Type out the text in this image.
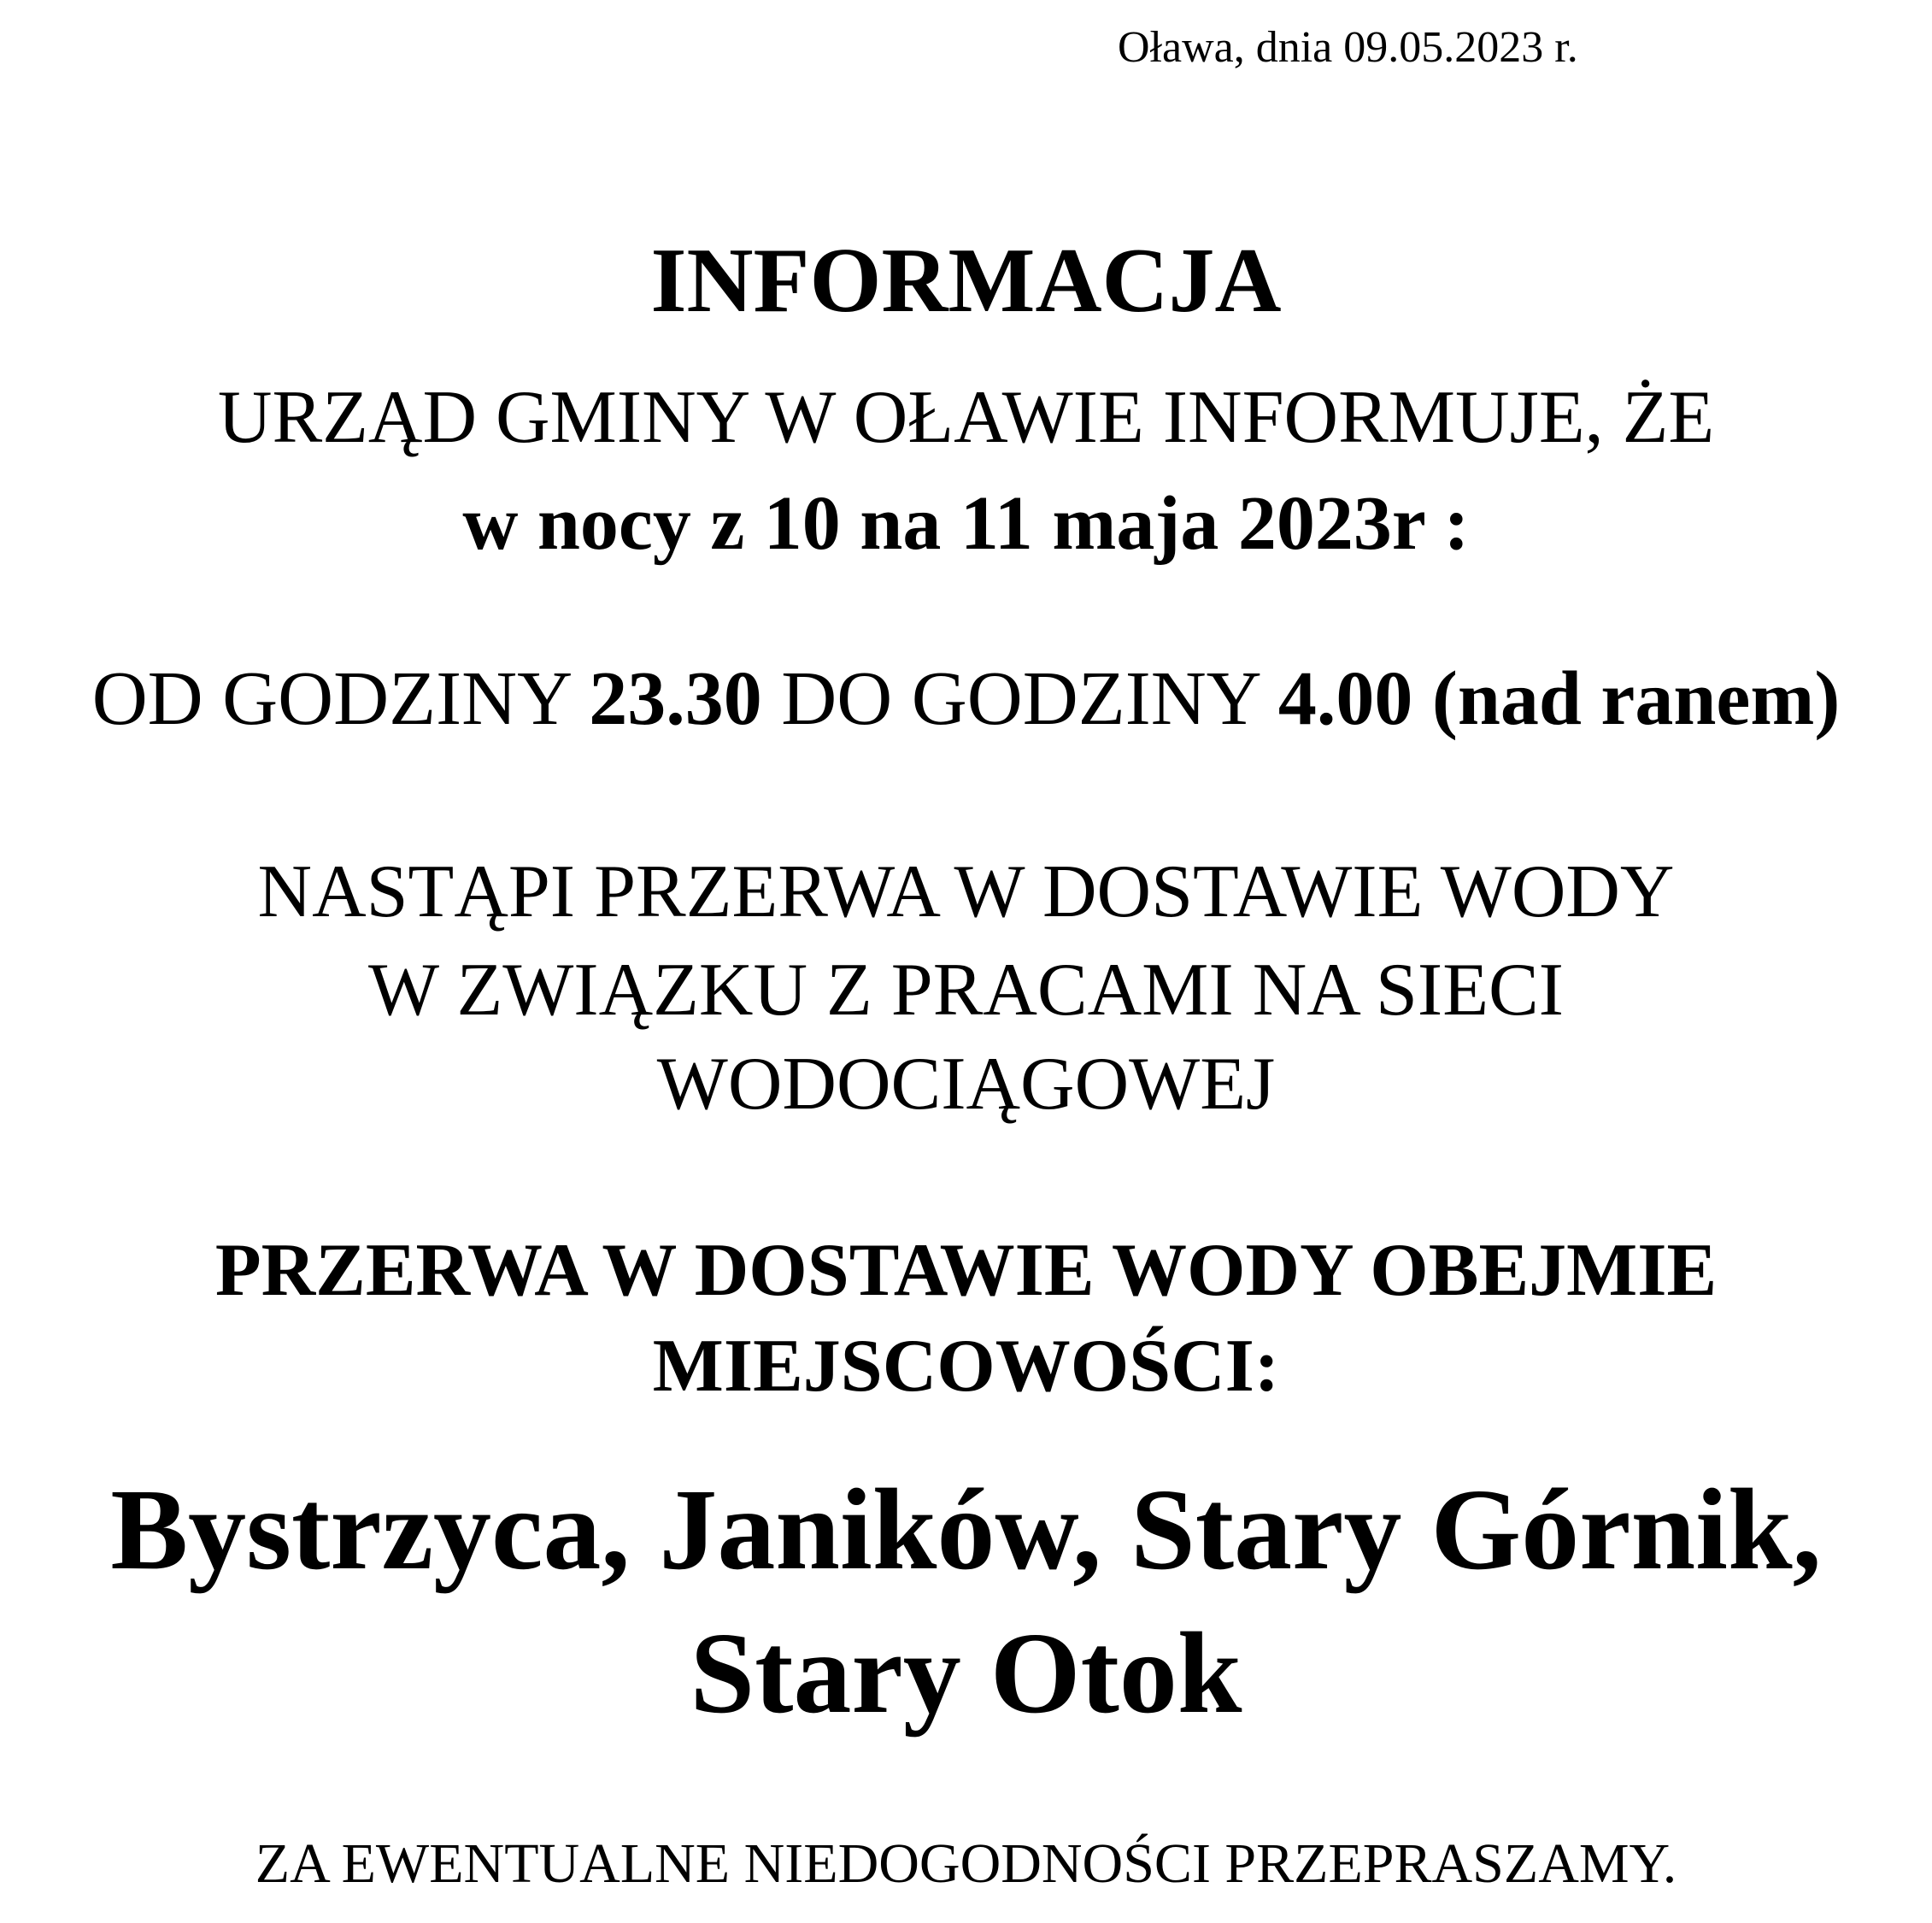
Oława, dnia 09.05.2023 r.
INFORMACJA
URZĄD GMINY W OŁAWIE INFORMUJE, ŻE
w nocy z 10 na 11 maja 2023r :
OD GODZINY 23.30 DO GODZINY 4.00 (nad ranem)
NASTĄPI PRZERWA W DOSTAWIE WODY
W ZWIĄZKU Z PRACAMI NA SIECI
WODOCIĄGOWEJ
PRZERWA W DOSTAWIE WODY OBEJMIE
MIEJSCOWOŚCI:
Bystrzyca, Janików, Stary Górnik,
Stary Otok
ZA EWENTUALNE NIEDOGODNOŚCI PRZEPRASZAMY.
